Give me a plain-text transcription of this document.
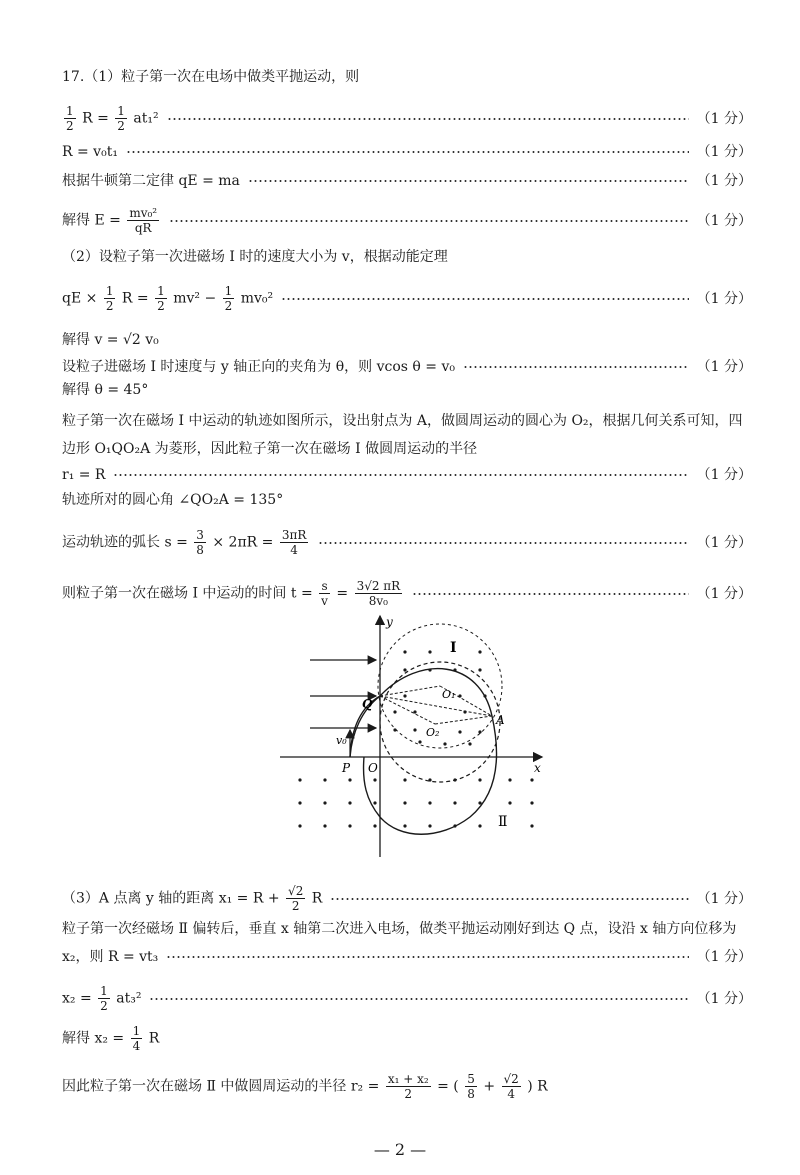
17.（1）粒子第一次在电场中做类平抛运动，则
$\frac{1}{2}$ $R = \frac{1}{2} at_1^2$	（1 分）
R = v₀t₁	（1 分）
根据牛顿第二定律 qE = ma	（1 分）
解得 $E = \frac{\text{mv₀²}}{qR}$	（1 分）
（2）设粒子第一次进磁场 Ⅰ 时的速度大小为 v，根据动能定理
qE × $\frac{1}{2}$ $R = \frac{1}{2} mv^2 - \frac{1}{2} mv_0^2$	（1 分）
解得 v = √2 v₀
设粒子进磁场 Ⅰ 时速度与 y 轴正向的夹角为 θ，则 vcos θ = v₀	（1 分）
解得 θ = 45°
粒子第一次在磁场 Ⅰ 中运动的轨迹如图所示，设出射点为 A，做圆周运动的圆心为 O₂，根据几何关系可知，四边形 O₁QO₂A 为菱形，因此粒子第一次在磁场 Ⅰ 做圆周运动的半径
r₁ = R	（1 分）
轨迹所对的圆心角 ∠QO₂A = 135°
运动轨迹的弧长 $s = \frac{3}{8} \times 2\pi R = \frac{3\pi R}{4}$	（1 分）
则粒子第一次在磁场 Ⅰ 中运动的时间 $t = \frac{s}{v} = \frac{3√2 \pi R}{\text{8v₀}}$	（1 分）
y
x
O
P
Q
A
O₁
O₂
v₀
Ⅰ
Ⅱ
（3）A 点离 y 轴的距离 $x_1 = R + \frac{√2}{2}$ R	（1 分）
粒子第一次经磁场 Ⅱ 偏转后，垂直 x 轴第二次进入电场，做类平抛运动刚好到达 Q 点，设沿 x 轴方向位移为
x₂，则 R = vt₃	（1 分）
$x_2 = \frac{1}{2} at_3^2$	（1 分）
解得 $x_2 = \frac{1}{4}$ R
因此粒子第一次在磁场 Ⅱ 中做圆周运动的半径 $r_2 = \frac{\text{x₁ + x₂}}{2}$ = ( $\frac{5}{8} + \frac{√2}{4}$ ) R
— 2 —
